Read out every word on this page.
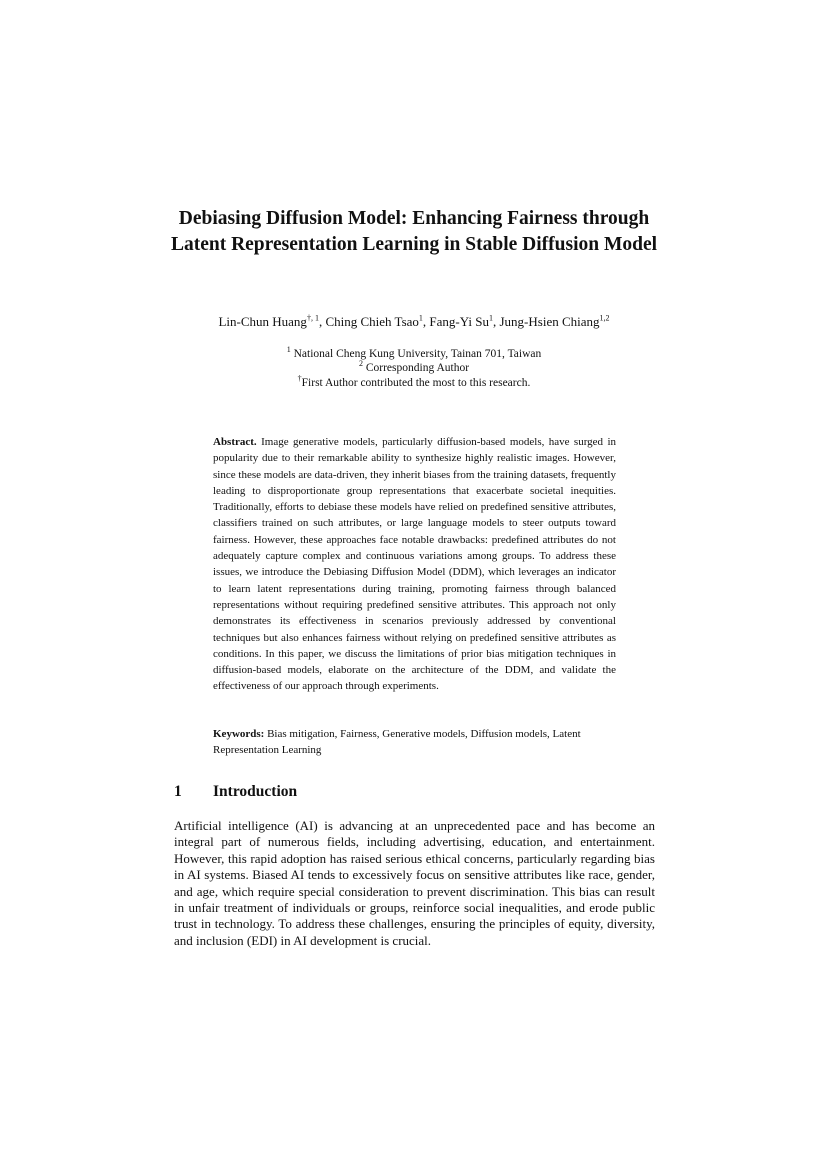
Debiasing Diffusion Model: Enhancing Fairness through Latent Representation Learning in Stable Diffusion Model
Lin-Chun Huang$^{\dagger, 1}$, Ching Chieh Tsao$^1$, Fang-Yi Su$^1$, Jung-Hsien Chiang$^{1,2}$
$^1$ National Cheng Kung University, Tainan 701, Taiwan
$^2$ Corresponding Author
†First Author contributed the most to this research.
Abstract. Image generative models, particularly diffusion-based models, have surged in popularity due to their remarkable ability to synthesize highly realistic images. However, since these models are data-driven, they inherit biases from the training datasets, frequently leading to disproportionate group representations that exacerbate societal inequities. Traditionally, efforts to debiase these models have relied on predefined sensitive attributes, classifiers trained on such attributes, or large language models to steer outputs toward fairness. However, these approaches face notable drawbacks: predefined attributes do not adequately capture complex and continuous variations among groups. To address these issues, we introduce the Debiasing Diffusion Model (DDM), which leverages an indicator to learn latent representations during training, promoting fairness through balanced representations without requiring predefined sensitive attributes. This approach not only demonstrates its effectiveness in scenarios previously addressed by conventional techniques but also enhances fairness without relying on predefined sensitive attributes as conditions. In this paper, we discuss the limitations of prior bias mitigation techniques in diffusion-based models, elaborate on the architecture of the DDM, and validate the effectiveness of our approach through experiments.
Keywords: Bias mitigation, Fairness, Generative models, Diffusion models, Latent Representation Learning
1 Introduction
Artificial intelligence (AI) is advancing at an unprecedented pace and has become an integral part of numerous fields, including advertising, education, and entertainment. However, this rapid adoption has raised serious ethical concerns, particularly regarding bias in AI systems. Biased AI tends to excessively focus on sensitive attributes like race, gender, and age, which require special consideration to prevent discrimination. This bias can result in unfair treatment of individuals or groups, reinforce social inequalities, and erode public trust in technology. To address these challenges, ensuring the principles of equity, diversity, and inclusion (EDI) in AI development is crucial.
